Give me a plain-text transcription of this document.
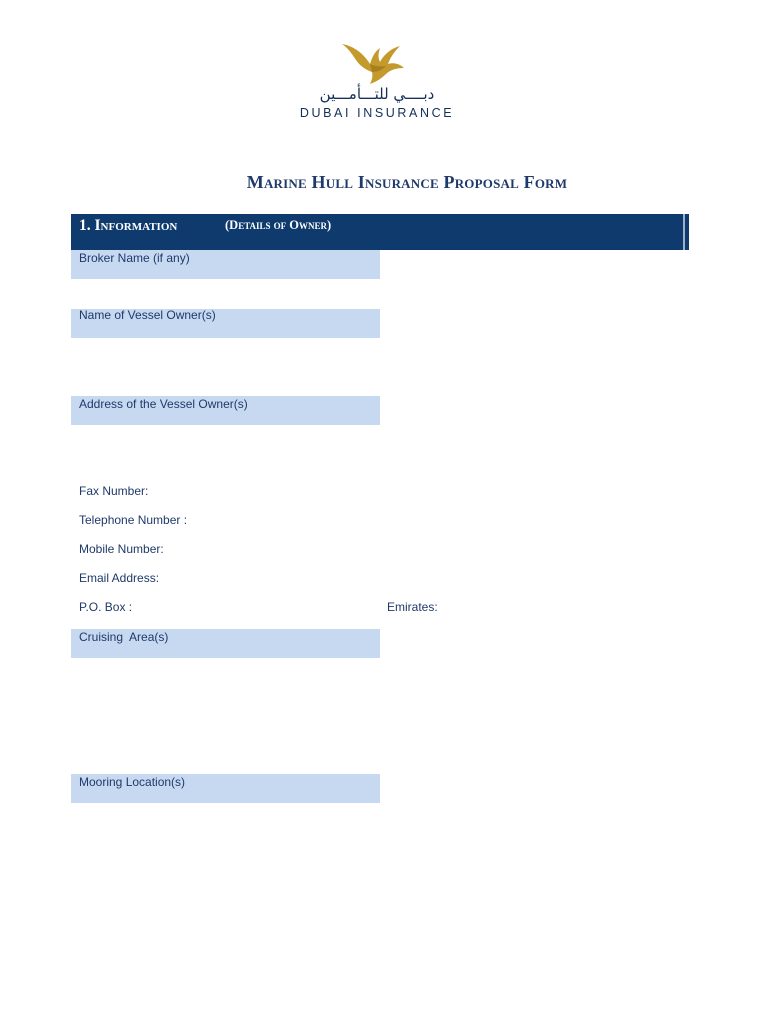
دبــــي للتـــأمـــين
DUBAI INSURANCE
Marine Hull Insurance Proposal Form
1. Information	(Details of Owner)
Broker Name (if any)
Name of Vessel Owner(s)
Address of the Vessel Owner(s)
Fax Number:
Telephone Number :
Mobile Number:
Email Address:
P.O. Box :	Emirates:
Cruising  Area(s)
Mooring Location(s)
